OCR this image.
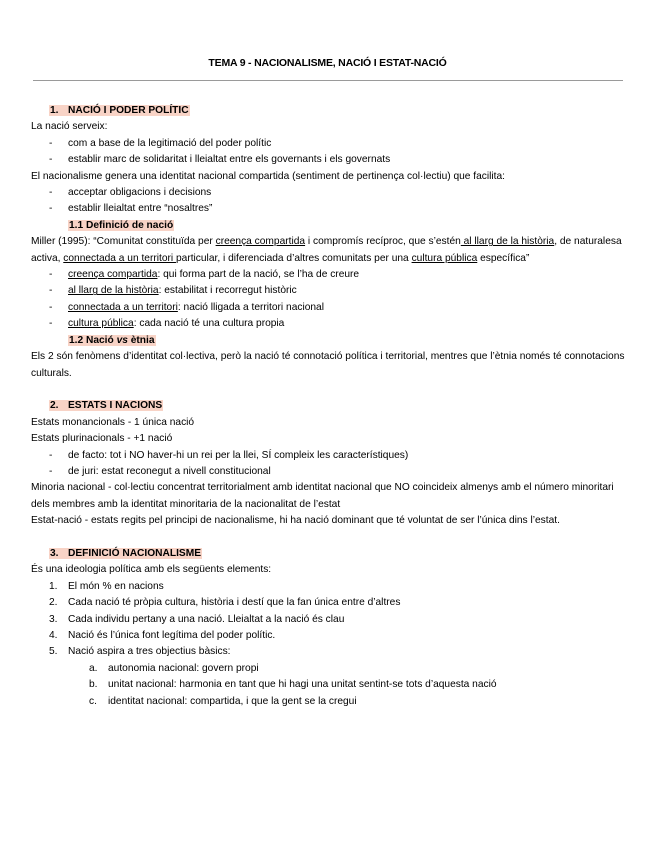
TEMA 9 - NACIONALISME, NACIÓ I ESTAT-NACIÓ
1. NACIÓ I PODER POLÍTIC
La nació serveix:
- com a base de la legitimació del poder polític
- establir marc de solidaritat i lleialtat entre els governants i els governats
El nacionalisme genera una identitat nacional compartida (sentiment de pertinença col·lectiu) que facilita:
- acceptar obligacions i decisions
- establir lleialtat entre “nosaltres”
1.1 Definició de nació
Miller (1995): “Comunitat constituïda per creença compartida i compromís recíproc, que s’estén al llarg de la història, de naturalesa activa, connectada a un territori particular, i diferenciada d’altres comunitats per una cultura pública específica”
- creença compartida: qui forma part de la nació, se l’ha de creure
- al llarg de la història: estabilitat i recorregut històric
- connectada a un territori: nació lligada a territori nacional
- cultura pública: cada nació té una cultura propia
1.2 Nació vs ètnia
Els 2 són fenòmens d’identitat col·lectiva, però la nació té connotació política i territorial, mentres que l’ètnia només té connotacions culturals.
2. ESTATS I NACIONS
Estats monancionals - 1 única nació
Estats plurinacionals - +1 nació
- de facto: tot i NO haver-hi un rei per la llei, SÍ compleix les característiques)
- de juri: estat reconegut a nivell constitucional
Minoria nacional - col·lectiu concentrat territorialment amb identitat nacional que NO coincideix almenys amb el número minoritari dels membres amb la identitat minoritaria de la nacionalitat de l’estat
Estat-nació - estats regits pel principi de nacionalisme, hi ha nació dominant que té voluntat de ser l’única dins l’estat.
3. DEFINICIÓ NACIONALISME
És una ideologia política amb els següents elements:
1. El món % en nacions
2. Cada nació té pròpia cultura, història i destí que la fan única entre d’altres
3. Cada individu pertany a una nació. Lleialtat a la nació és clau
4. Nació és l’única font legítima del poder polític.
5. Nació aspira a tres objectius bàsics:
a. autonomia nacional: govern propi
b. unitat nacional: harmonia en tant que hi hagi una unitat sentint-se tots d’aquesta nació
c. identitat nacional: compartida, i que la gent se la cregui
